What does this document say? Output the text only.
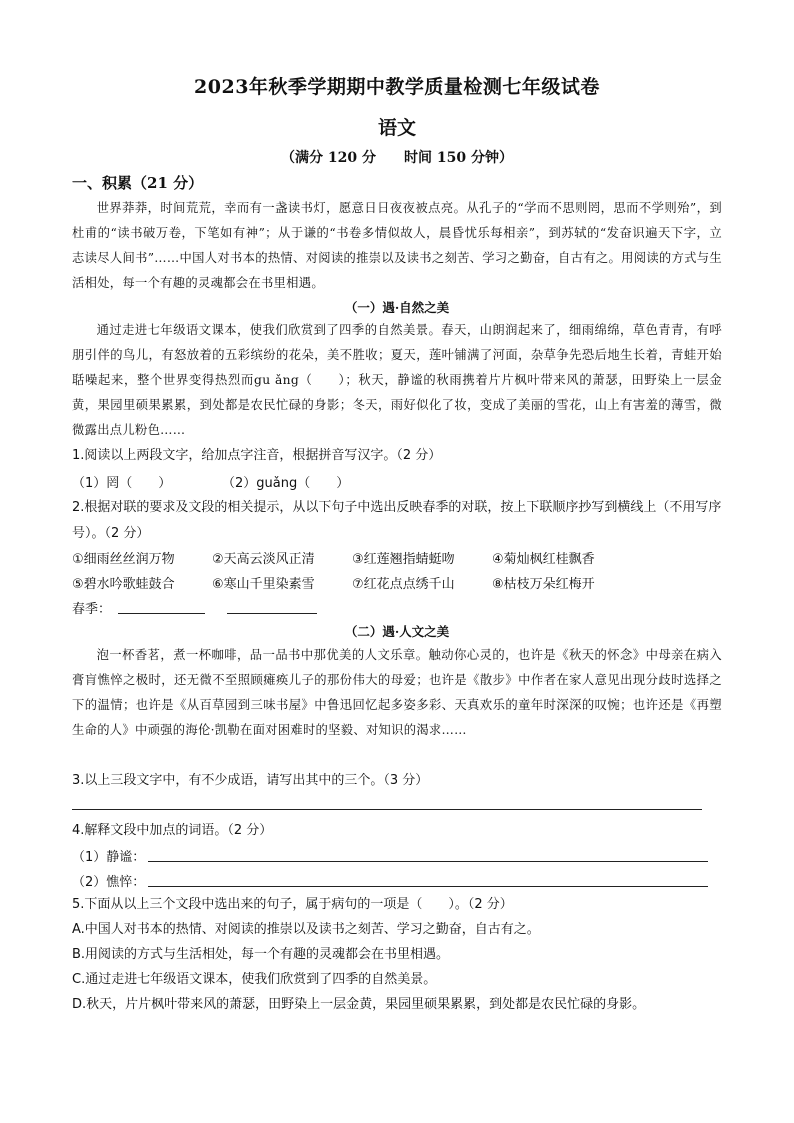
2023年秋季学期期中教学质量检测七年级试卷
语文
（满分 120 分　　时间 150 分钟）
一、积累（21 分）

世界莽莽，时间荒荒，幸而有一盏读书灯，愿意日日夜夜被点亮。从孔子的“学而不思则罔，思而不学则殆”，到杜甫的“读书破万卷，下笔如有神”；从于谦的“书卷多情似故人，晨昏忧乐每相亲”，到苏轼的“发奋识遍天下字，立志读尽人间书”……中国人对书本的热情、对阅读的推崇以及读书之刻苦、学习之勤奋，自古有之。用阅读的方式与生活相处，每一个有趣的灵魂都会在书里相遇。

（一）遇·自然之美

通过走进七年级语文课本，使我们欣赏到了四季的自然美景。春天，山朗润起来了，细雨绵绵，草色青青，有呼朋引伴的鸟儿，有怒放着的五彩缤纷的花朵，美不胜收；夏天，莲叶铺满了河面，杂草争先恐后地生长着，青蛙开始聒噪起来，整个世界变得热烈而gu ǎng（　　）；秋天，静谧的秋雨携着片片枫叶带来风的萧瑟，田野染上一层金黄，果园里硕果累累，到处都是农民忙碌的身影；冬天，雨好似化了妆，变成了美丽的雪花，山上有害羞的薄雪，微微露出点儿粉色……

1.阅读以上两段文字，给加点字注音，根据拼音写汉字。（2 分）

（1）罔（　　）	（2）guǎng（　　）

2.根据对联的要求及文段的相关提示，从以下句子中选出反映春季的对联，按上下联顺序抄写到横线上（不用写序号）。（2 分）

①细雨丝丝润万物	②天高云淡风正清	③红莲翘指蜻蜓吻	④菊灿枫红桂飘香
⑤碧水吟歌蛙鼓合	⑥寒山千里染素雪	⑦红花点点绣千山	⑧枯枝万朵红梅开
春季：
（二）遇·人文之美

泡一杯香茗，煮一杯咖啡，品一品书中那优美的人文乐章。触动你心灵的，也许是《秋天的怀念》中母亲在病入膏肓憔悴之极时，还无微不至照顾瘫痪儿子的那份伟大的母爱；也许是《散步》中作者在家人意见出现分歧时选择之下的温情；也许是《从百草园到三味书屋》中鲁迅回忆起多姿多彩、天真欢乐的童年时深深的叹惋；也许还是《再塑生命的人》中顽强的海伦·凯勒在面对困难时的坚毅、对知识的渴求……

3.以上三段文字中，有不少成语，请写出其中的三个。（3 分）

4.解释文段中加点的词语。（2 分）

（1）静谧：
（2）憔悴：

5.下面从以上三个文段中选出来的句子，属于病句的一项是（　　）。（2 分）

A.中国人对书本的热情、对阅读的推崇以及读书之刻苦、学习之勤奋，自古有之。

B.用阅读的方式与生活相处，每一个有趣的灵魂都会在书里相遇。

C.通过走进七年级语文课本，使我们欣赏到了四季的自然美景。

D.秋天，片片枫叶带来风的萧瑟，田野染上一层金黄，果园里硕果累累，到处都是农民忙碌的身影。
